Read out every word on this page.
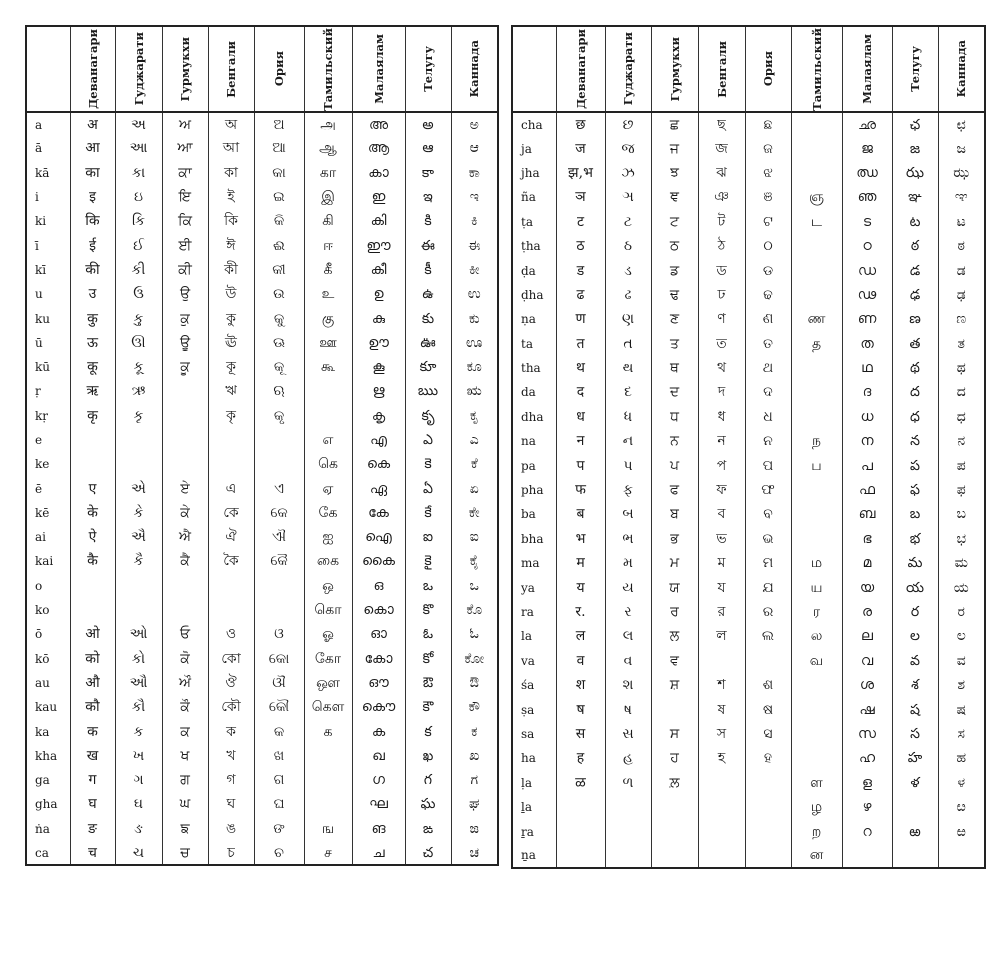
	Деванагари	Гуджарати	Гурмукхи	Бенгали	Ория	Тамильский	Малаялам	Телугу	Каннада

a	अ	અ	ਅ	অ	ଅ	அ	അ	అ	ಅ
ā	आ	આ	ਆ	আ	ଆ	ஆ	ആ	ఆ	ಆ
kā	का	કા	ਕਾ	কা	କା	கா	കാ	కా	ಕಾ
i	इ	ઇ	ਇ	ই	ଇ	இ	ഇ	ఇ	ಇ
ki	कि	કિ	ਕਿ	কি	କି	கி	കി	కి	ಕಿ
ī	ई	ઈ	ਈ	ঈ	ଈ	ஈ	ഈ	ఈ	ಈ
kī	की	કી	ਕੀ	কী	କୀ	கீ	കീ	కీ	ಕೀ
u	उ	ઉ	ਉ	উ	ଉ	உ	ഉ	ఉ	ಉ
ku	कु	કુ	ਕੁ	কু	କୁ	கு	കു	కు	ಕು
ū	ऊ	ઊ	ਊ	ঊ	ଊ	ஊ	ഊ	ఊ	ಊ
kū	कू	કૂ	ਕੂ	কূ	କୂ	கூ	കൂ	కూ	ಕೂ
ṛ	ऋ	ઋ		ঋ	ଋ		ഋ	ఋ	ಋ
kṛ	कृ	કૃ		কৃ	କୃ		കൃ	కృ	ಕೃ
e						எ	എ	ఎ	ಎ
ke						கெ	കെ	కె	ಕೆ
ē	ए	એ	ਏ	এ	ଏ	ஏ	ഏ	ఏ	ಏ
kē	के	કે	ਕੇ	কে	କେ	கே	കേ	కే	ಕೇ
ai	ऐ	ઐ	ਐ	ঐ	ଐ	ஐ	ഐ	ఐ	ಐ
kai	कै	કૈ	ਕੈ	কৈ	କୈ	கை	കൈ	కై	ಕೈ
o						ஒ	ഒ	ఒ	ಒ
ko						கொ	കൊ	కొ	ಕೊ
ō	ओ	ઓ	ਓ	ও	ଓ	ஓ	ഓ	ఓ	ಓ
kō	को	કો	ਕੋ	কো	କୋ	கோ	കോ	కో	ಕೋ
au	औ	ઔ	ਔ	ঔ	ଔ	ஔ	ഔ	ఔ	ಔ
kau	कौ	કૌ	ਕੌ	কৌ	କୌ	கௌ	കൌ	కౌ	ಕೌ
ka	क	ક	ਕ	ক	କ	க	ക	క	ಕ
kha	ख	ખ	ਖ	খ	ଖ		ഖ	ఖ	ಖ
ga	ग	ગ	ਗ	গ	ଗ		ഗ	గ	ಗ
gha	घ	ઘ	ਘ	ঘ	ଘ		ഘ	ఘ	ಘ
ṅa	ङ	ઙ	ਙ	ঙ	ଙ	ங	ങ	ఙ	ಙ
ca	च	ચ	ਚ	চ	ଚ	ச	ച	చ	ಚ

	Деванагари	Гуджарати	Гурмукхи	Бенгали	Ория	Тамильский	Малаялам	Телугу	Каннада

cha	छ	છ	ਛ	ছ	ଛ		ഛ	ఛ	ಛ
ja	ज	જ	ਜ	জ	ଜ		ജ	జ	ಜ
jha	झ,भ	ઝ	ਝ	ঝ	ଝ		ഝ	ఝ	ಝ
ña	ञ	ઞ	ਞ	ঞ	ଞ	ஞ	ഞ	ఞ	ಞ
ṭa	ट	ટ	ਟ	ট	ଟ	ட	ട	ట	ಟ
ṭha	ठ	ઠ	ਠ	ঠ	ଠ		ഠ	ఠ	ಠ
ḍa	ड	ડ	ਡ	ড	ଡ		ഡ	డ	ಡ
ḍha	ढ	ઢ	ਢ	ঢ	ଢ		ഢ	ఢ	ಢ
ṇa	ण	ણ	ਣ	ণ	ଣ	ண	ണ	ణ	ಣ
ta	त	ત	ਤ	ত	ତ	த	ത	త	ತ
tha	थ	થ	ਥ	থ	ଥ		ഥ	థ	ಥ
da	द	દ	ਦ	দ	ଦ		ദ	ద	ದ
dha	ध	ધ	ਧ	ধ	ଧ		ധ	ధ	ಧ
na	न	ન	ਨ	ন	ନ	ந	ന	న	ನ
pa	प	પ	ਪ	প	ପ	ப	പ	ప	ಪ
pha	फ	ફ	ਫ	ফ	ଫ		ഫ	ఫ	ಫ
ba	ब	બ	ਬ	ব	ବ		ബ	బ	ಬ
bha	भ	ભ	ਭ	ভ	ଭ		ഭ	భ	ಭ
ma	म	મ	ਮ	ম	ମ	ம	മ	మ	ಮ
ya	य	ય	ਯ	য	ଯ	ய	യ	య	ಯ
ra	र.	ર	ਰ	র	ର	ர	ര	ర	ರ
la	ल	લ	ਲ	ল	ଲ	ல	ല	ల	ಲ
va	व	વ	ਵ			வ	വ	వ	ವ
śa	श	શ	ਸ਼	শ	ଶ		ശ	శ	ಶ
ṣa	ष	ષ		ষ	ଷ		ഷ	ష	ಷ
sa	स	સ	ਸ	স	ସ		സ	స	ಸ
ha	ह	હ	ਹ	হ	ହ		ഹ	హ	ಹ
ḷa	ळ	ળ	ਲ਼			ள	ള	ళ	ಳ
ḻa						ழ	ഴ		ೞ
ṟa						ற	റ	ఱ	ಱ
ṉa						ன			
